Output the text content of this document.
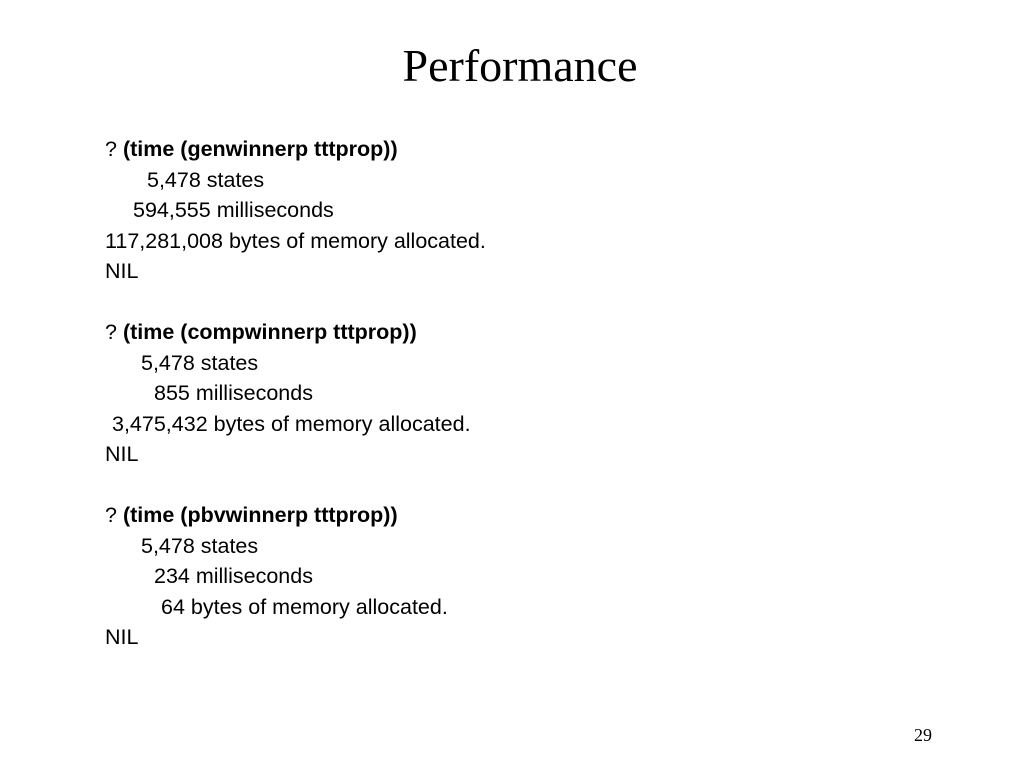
Performance
? (time (genwinnerp tttprop))
5,478 states
594,555 milliseconds
117,281,008 bytes of memory allocated.
NIL
? (time (compwinnerp tttprop))
5,478 states
855 milliseconds
3,475,432 bytes of memory allocated.
NIL
? (time (pbvwinnerp tttprop))
5,478 states
234 milliseconds
64 bytes of memory allocated.
NIL
29
